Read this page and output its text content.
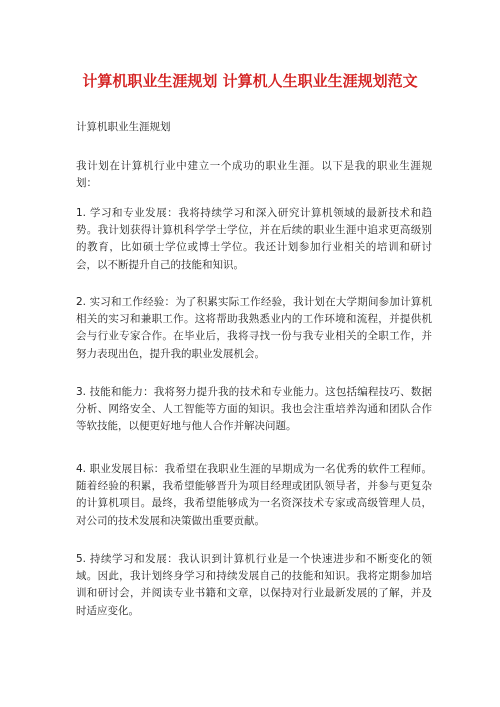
计算机职业生涯规划 计算机人生职业生涯规划范文
计算机职业生涯规划

我计划在计算机行业中建立一个成功的职业生涯。以下是我的职业生涯规划：

1. 学习和专业发展：我将持续学习和深入研究计算机领域的最新技术和趋势。我计划获得计算机科学学士学位，并在后续的职业生涯中追求更高级别的教育，比如硕士学位或博士学位。我还计划参加行业相关的培训和研讨会，以不断提升自己的技能和知识。

2. 实习和工作经验：为了积累实际工作经验，我计划在大学期间参加计算机相关的实习和兼职工作。这将帮助我熟悉业内的工作环境和流程，并提供机会与行业专家合作。在毕业后，我将寻找一份与我专业相关的全职工作，并努力表现出色，提升我的职业发展机会。

3. 技能和能力：我将努力提升我的技术和专业能力。这包括编程技巧、数据分析、网络安全、人工智能等方面的知识。我也会注重培养沟通和团队合作等软技能，以便更好地与他人合作并解决问题。

4. 职业发展目标：我希望在我职业生涯的早期成为一名优秀的软件工程师。随着经验的积累，我希望能够晋升为项目经理或团队领导者，并参与更复杂的计算机项目。最终，我希望能够成为一名资深技术专家或高级管理人员，对公司的技术发展和决策做出重要贡献。

5. 持续学习和发展：我认识到计算机行业是一个快速进步和不断变化的领域。因此，我计划终身学习和持续发展自己的技能和知识。我将定期参加培训和研讨会，并阅读专业书籍和文章，以保持对行业最新发展的了解，并及时适应变化。
